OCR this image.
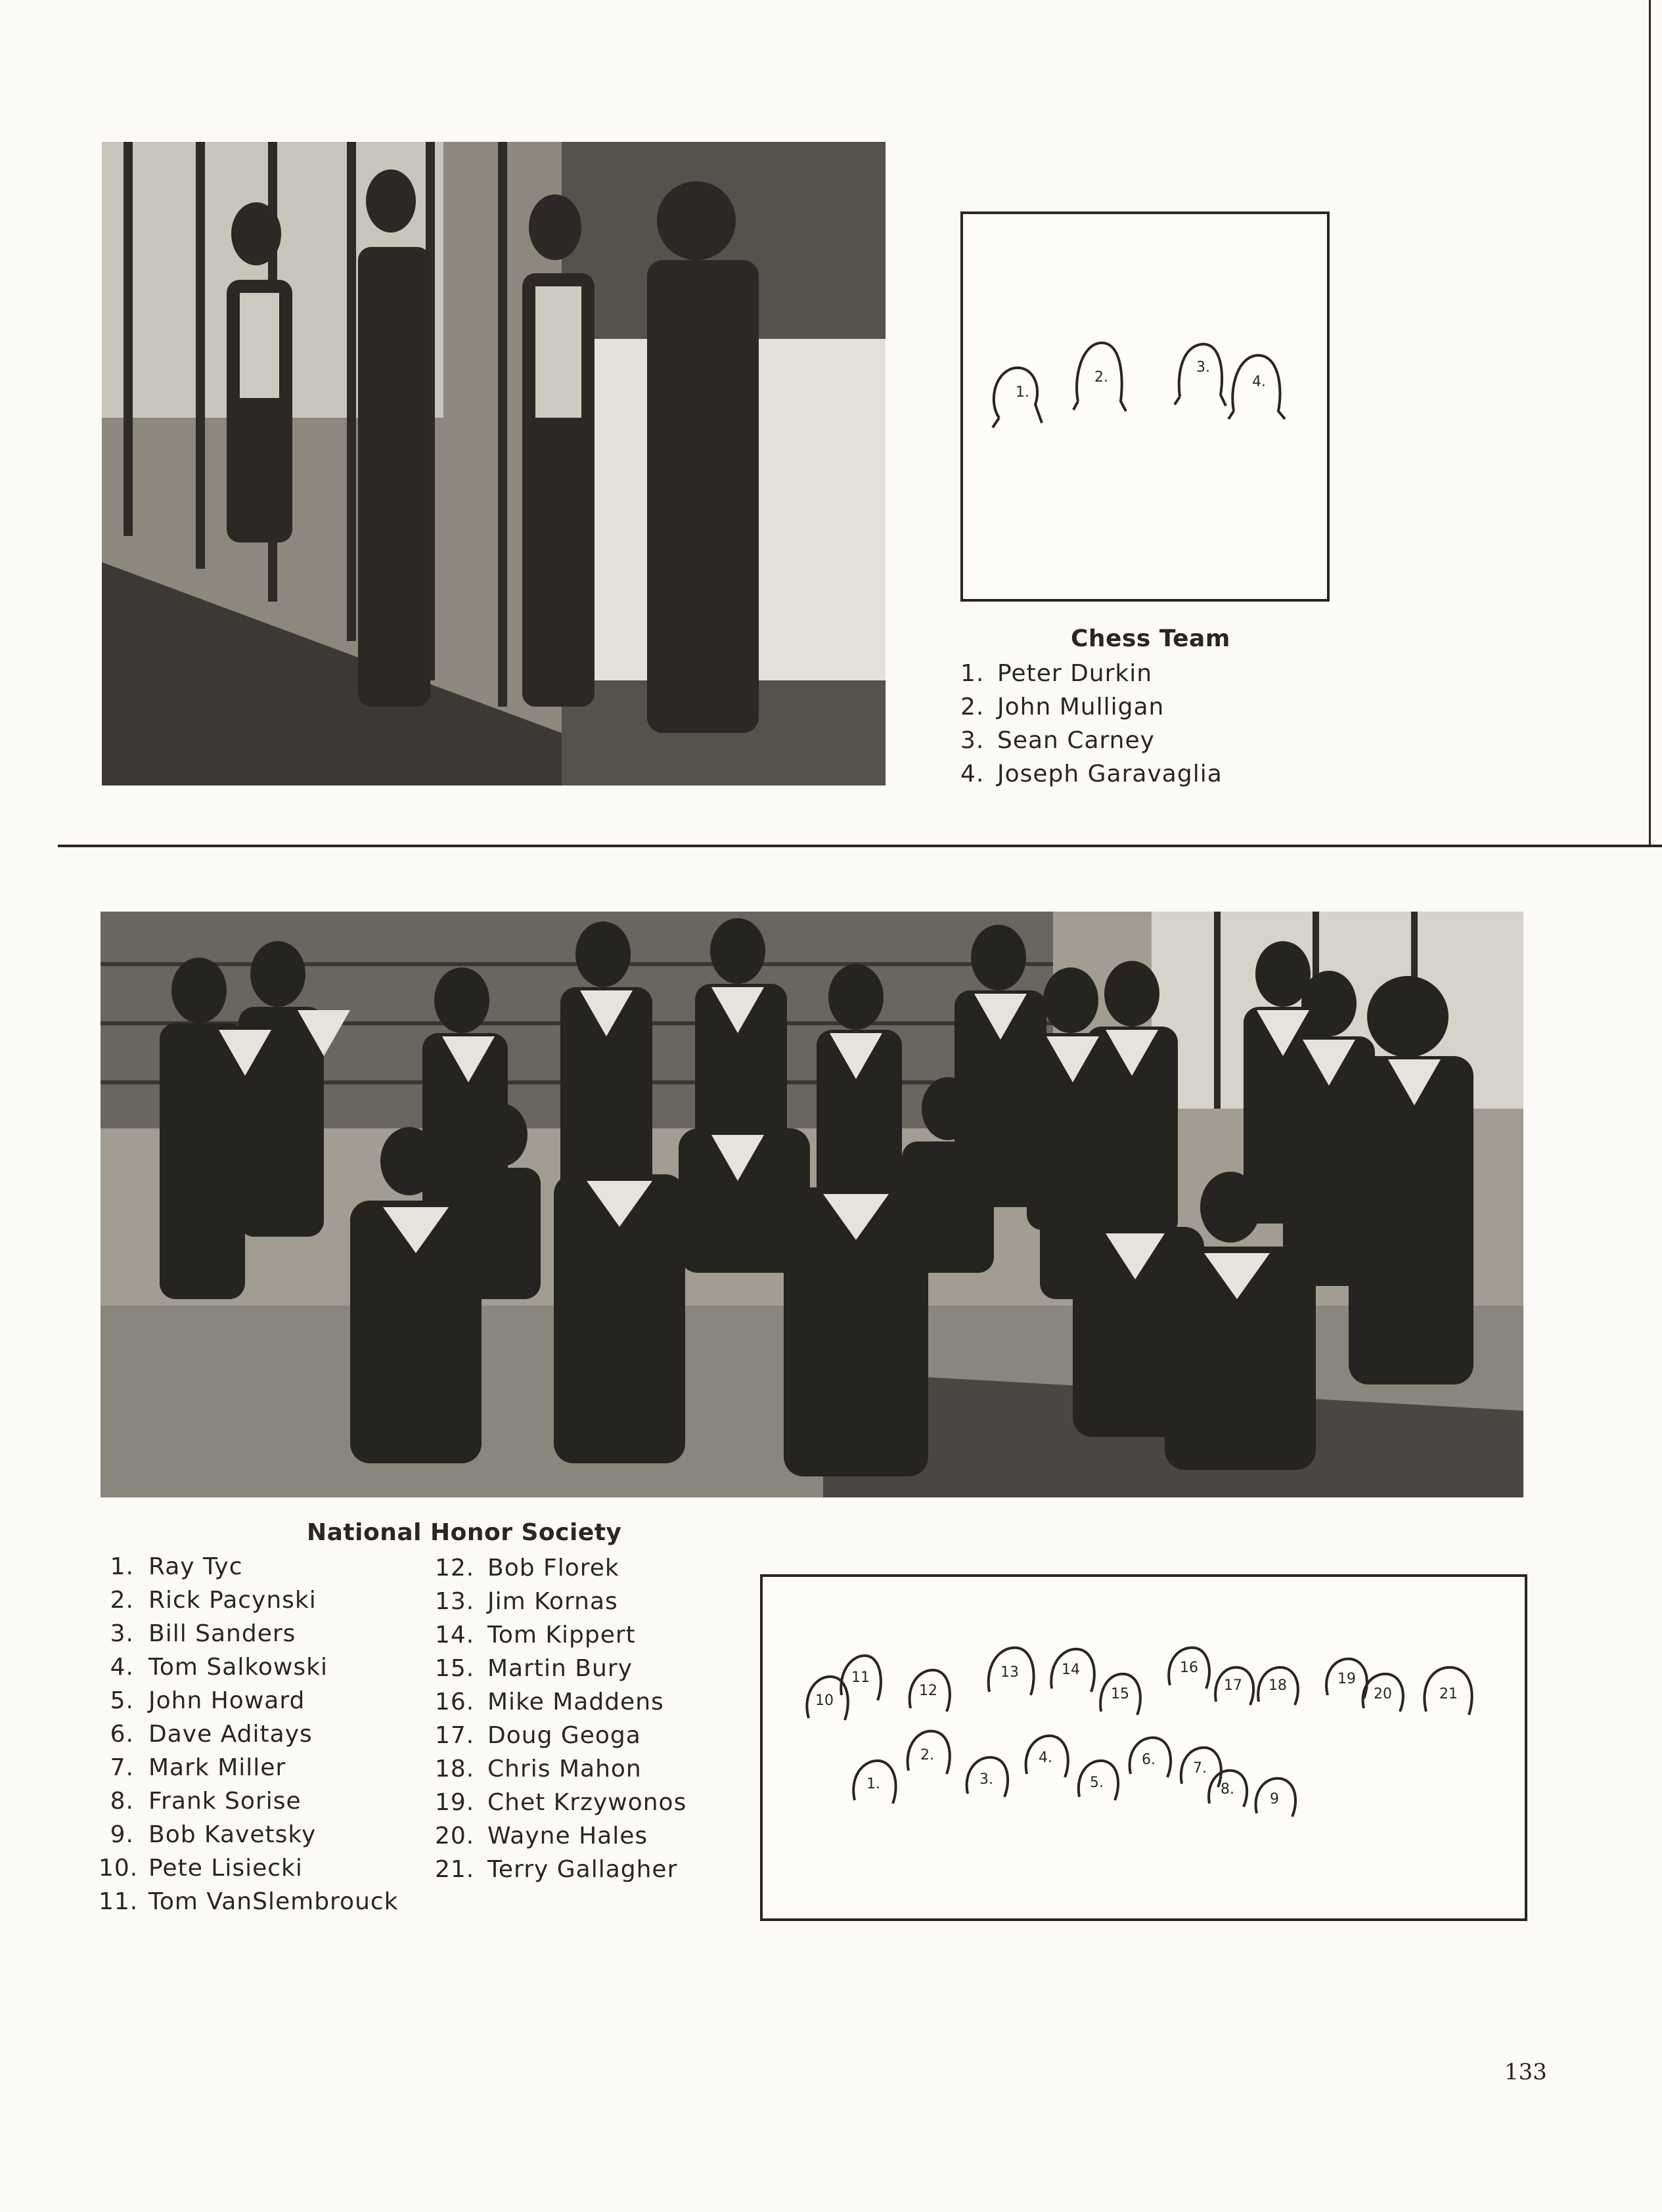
1.
2.
3.
4.
Chess Team
1. Peter Durkin
2. John Mulligan
3. Sean Carney
4. Joseph Garavaglia
National Honor Society
1. Ray Tyc
2. Rick Pacynski
3. Bill Sanders
4. Tom Salkowski
5. John Howard
6. Dave Aditays
7. Mark Miller
8. Frank Sorise
9. Bob Kavetsky
10. Pete Lisiecki
11. Tom VanSlembrouck
12. Bob Florek
13. Jim Kornas
14. Tom Kippert
15. Martin Bury
16. Mike Maddens
17. Doug Geoga
18. Chris Mahon
19. Chet Krzywonos
20. Wayne Hales
21. Terry Gallagher
10
11
12
13	14
15
16
17 18	19
20	21
1.
2.
3.
4.
5.
6.
7.
8.
9
133
